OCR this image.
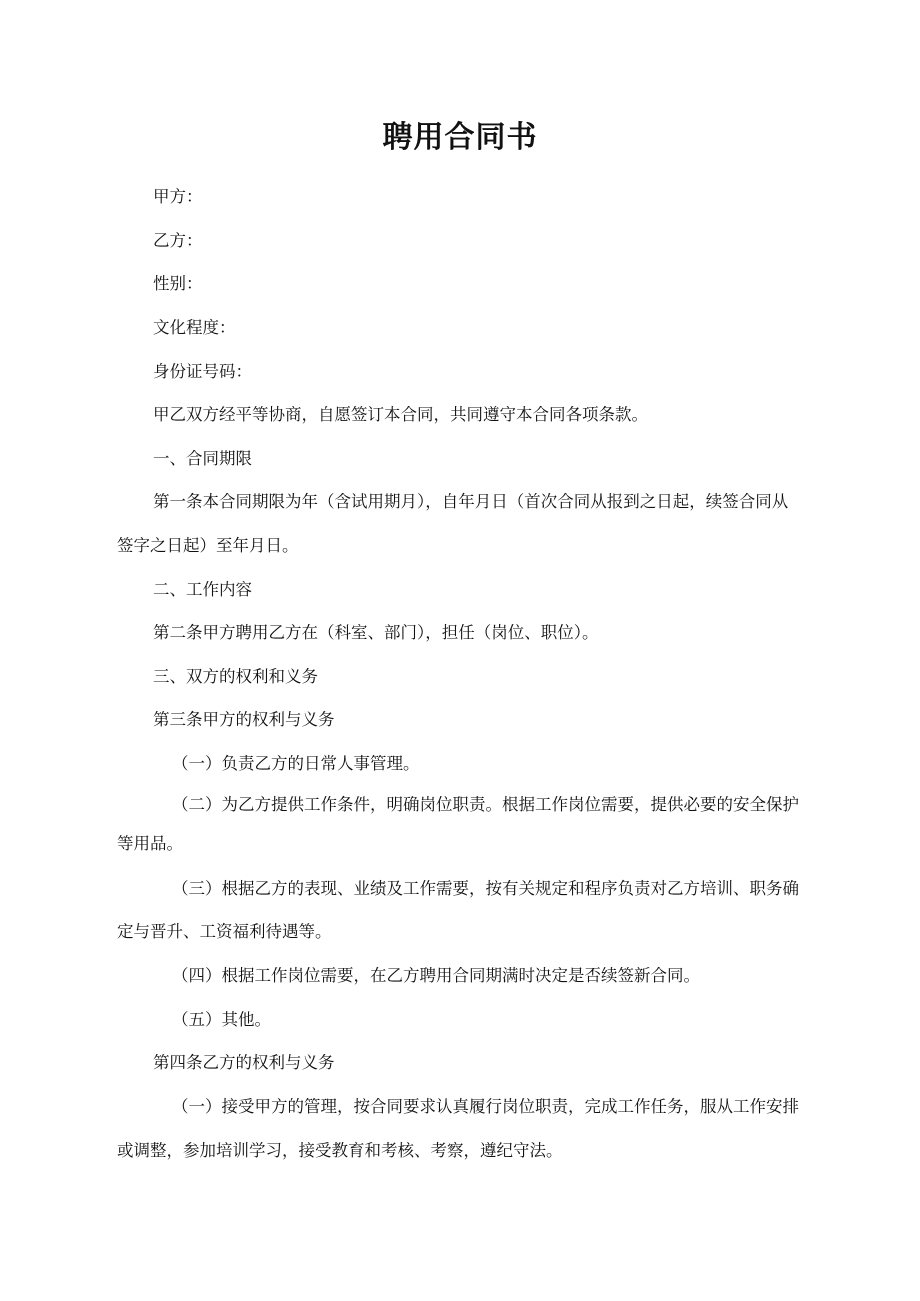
聘用合同书
甲方：
乙方：
性别：
文化程度：
身份证号码：
甲乙双方经平等协商，自愿签订本合同，共同遵守本合同各项条款。
一、合同期限
第一条本合同期限为年（含试用期月），自年月日（首次合同从报到之日起，续签合同从
签字之日起）至年月日。
二、工作内容
第二条甲方聘用乙方在（科室、部门），担任（岗位、职位）。
三、双方的权利和义务
第三条甲方的权利与义务
（一）负责乙方的日常人事管理。
（二）为乙方提供工作条件，明确岗位职责。根据工作岗位需要，提供必要的安全保护
等用品。
（三）根据乙方的表现、业绩及工作需要，按有关规定和程序负责对乙方培训、职务确
定与晋升、工资福利待遇等。
（四）根据工作岗位需要，在乙方聘用合同期满时决定是否续签新合同。
（五）其他。
第四条乙方的权利与义务
（一）接受甲方的管理，按合同要求认真履行岗位职责，完成工作任务，服从工作安排
或调整，参加培训学习，接受教育和考核、考察，遵纪守法。
